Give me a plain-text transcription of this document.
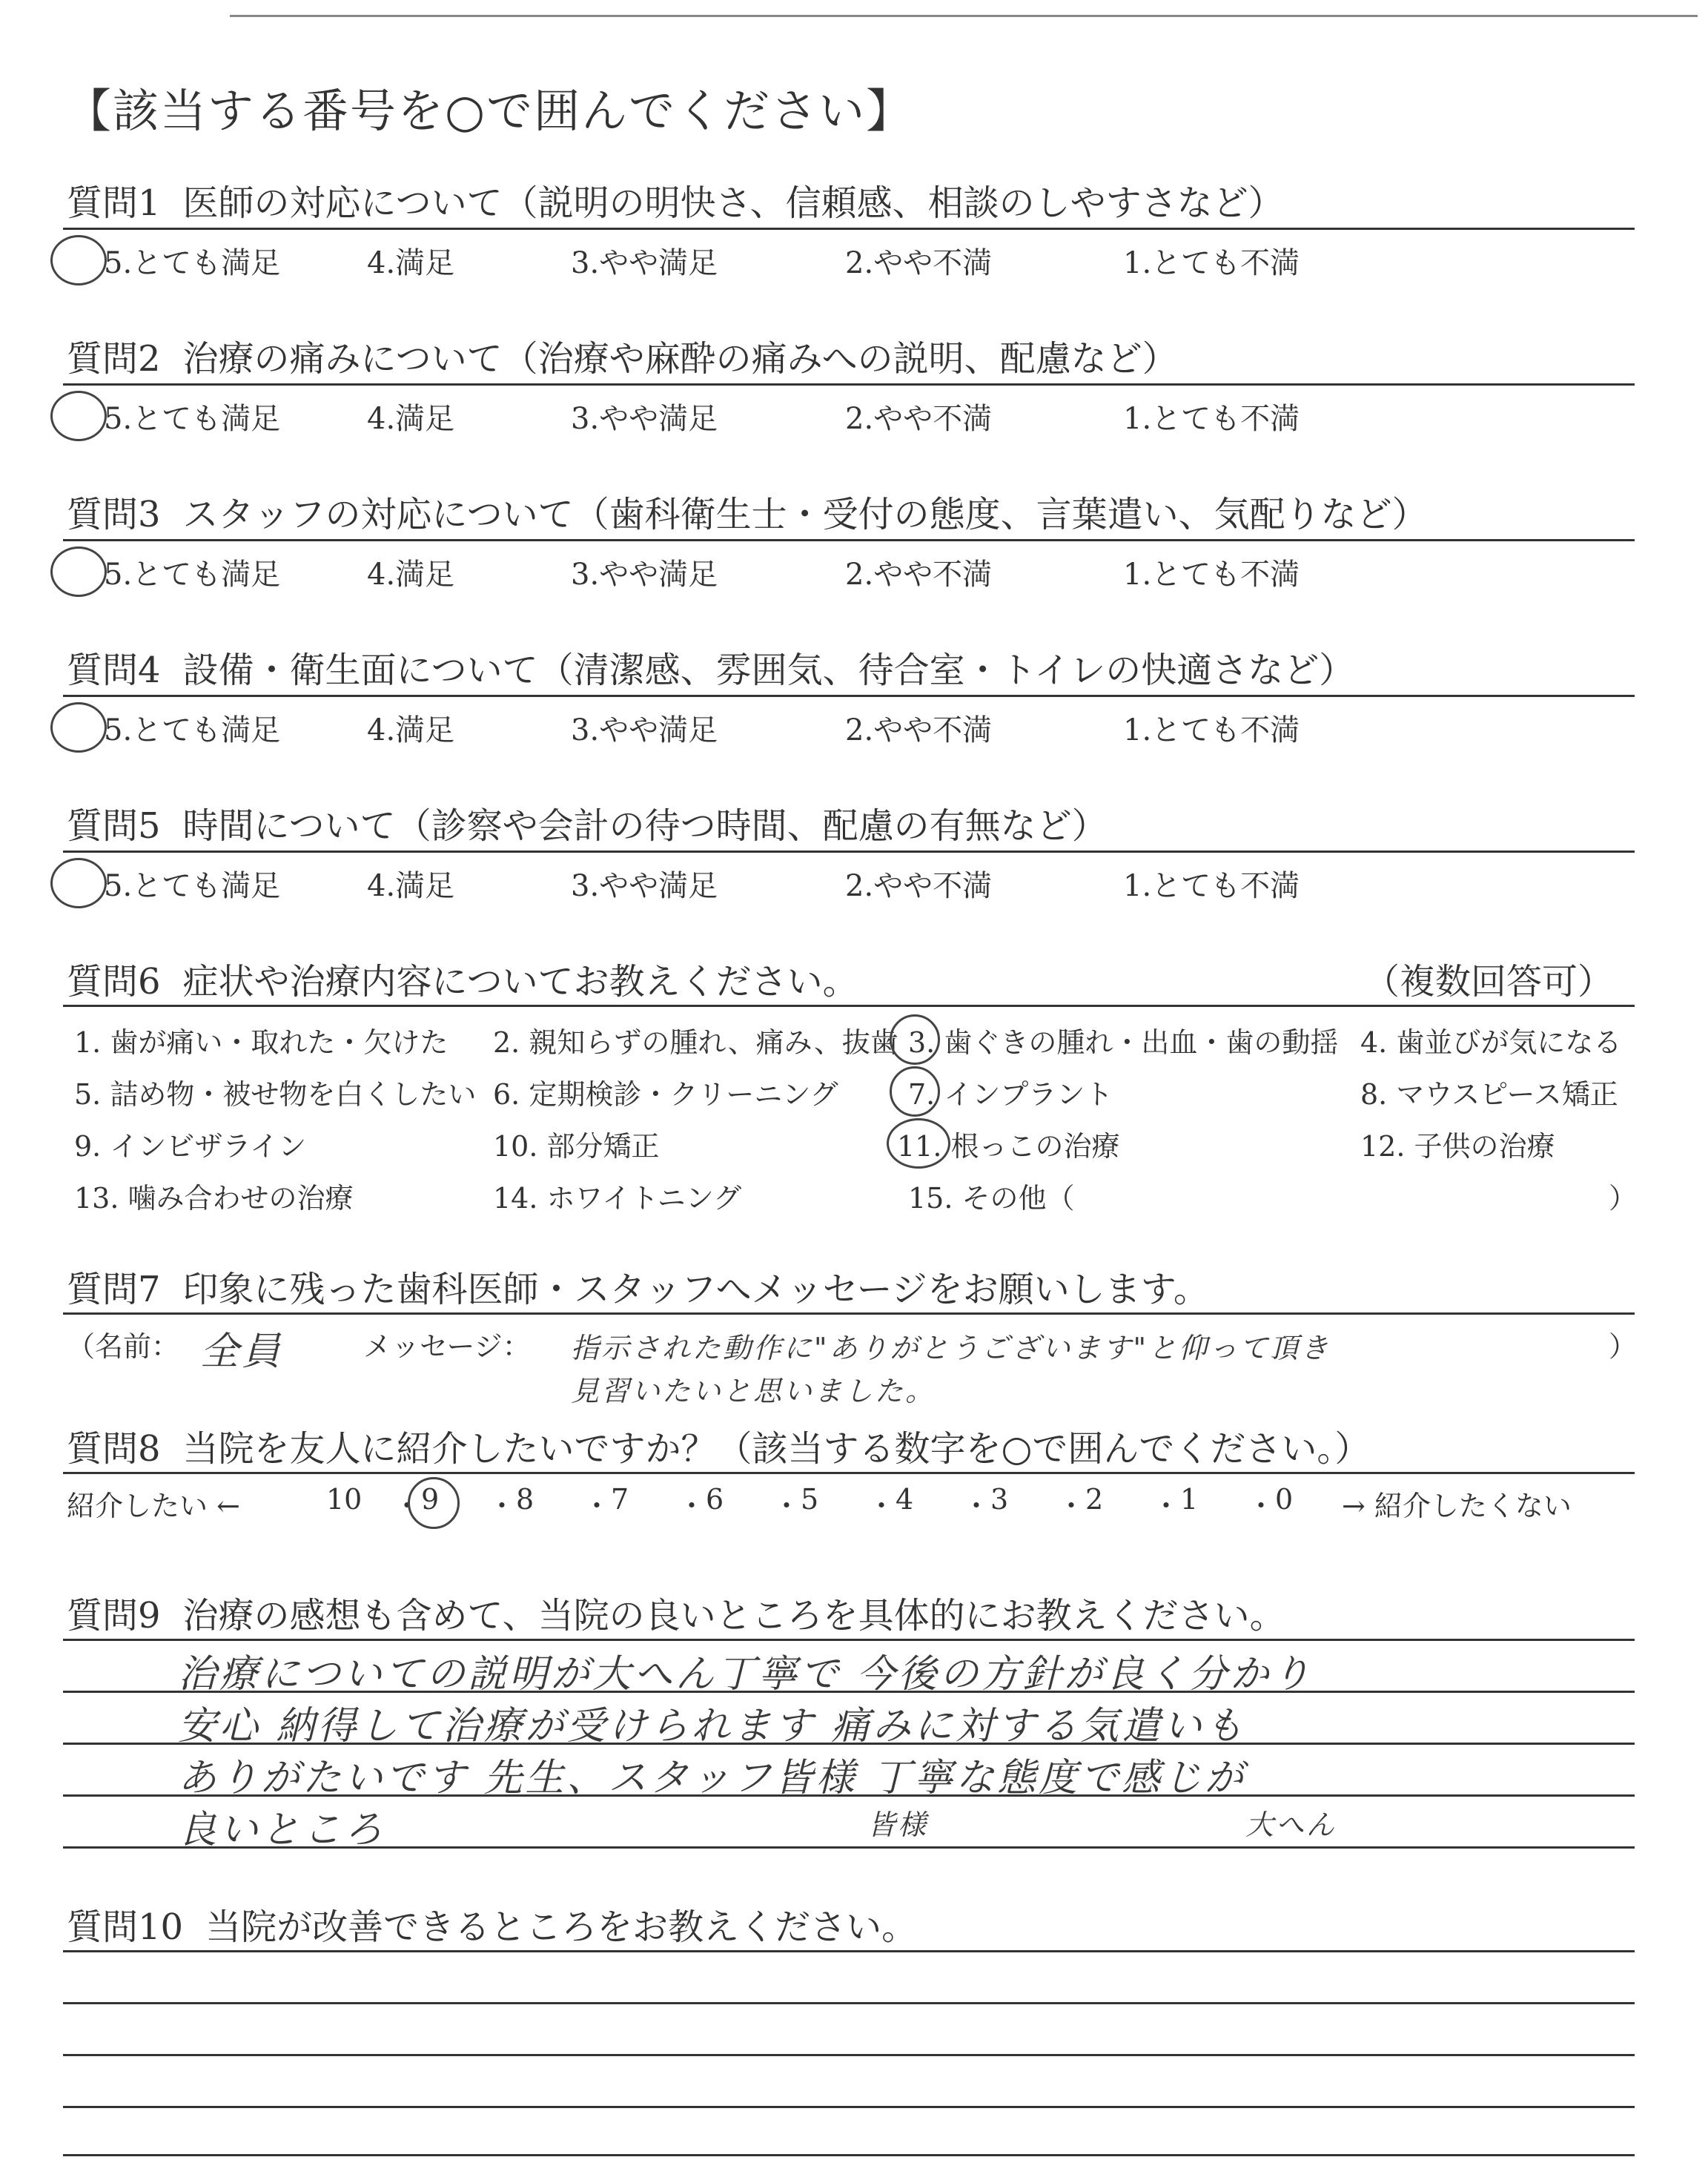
【該当する番号を○で囲んでください】
質問1 医師の対応について（説明の明快さ、信頼感、相談のしやすさなど）
5.とても満足	4.満足	3.やや満足	2.やや不満	1.とても不満
質問2 治療の痛みについて（治療や麻酔の痛みへの説明、配慮など）
5.とても満足	4.満足	3.やや満足	2.やや不満	1.とても不満
質問3 スタッフの対応について（歯科衛生士・受付の態度、言葉遣い、気配りなど）
5.とても満足	4.満足	3.やや満足	2.やや不満	1.とても不満
質問4 設備・衛生面について（清潔感、雰囲気、待合室・トイレの快適さなど）
5.とても満足	4.満足	3.やや満足	2.やや不満	1.とても不満
質問5 時間について（診察や会計の待つ時間、配慮の有無など）
5.とても満足	4.満足	3.やや満足	2.やや不満	1.とても不満
質問6 症状や治療内容についてお教えください。	（複数回答可）
1. 歯が痛い・取れた・欠けた 2. 親知らずの腫れ、痛み、抜歯 3. 歯ぐきの腫れ・出血・歯の動揺 4. 歯並びが気になる
5. 詰め物・被せ物を白くしたい 6. 定期検診・クリーニング 7. インプラント	8. マウスピース矯正
9. インビザライン	10. 部分矯正	11. 根っこの治療	12. 子供の治療
13. 噛み合わせの治療	14. ホワイトニング	15. その他（	）
質問7 印象に残った歯科医師・スタッフへメッセージをお願いします。
（名前： 全員	メッセージ： 指示された動作に"ありがとうございます"と仰って頂き
見習いたいと思いました。
）
質問8 当院を友人に紹介したいですか？（該当する数字を○で囲んでください。）
紹介したい ←	10 ・ 9 ・ 8 ・ 7 ・ 6 ・ 5 ・ 4 ・ 3 ・ 2 ・ 1 ・ 0 → 紹介したくない
質問9 治療の感想も含めて、当院の良いところを具体的にお教えください。
治療についての説明が大へん丁寧で 今後の方針が良く分かり
安心 納得して治療が受けられます 痛みに対する気遣いも
ありがたいです 先生、スタッフ皆様 丁寧な態度で感じが
良いところ	皆様	大へん
質問10 当院が改善できるところをお教えください。
